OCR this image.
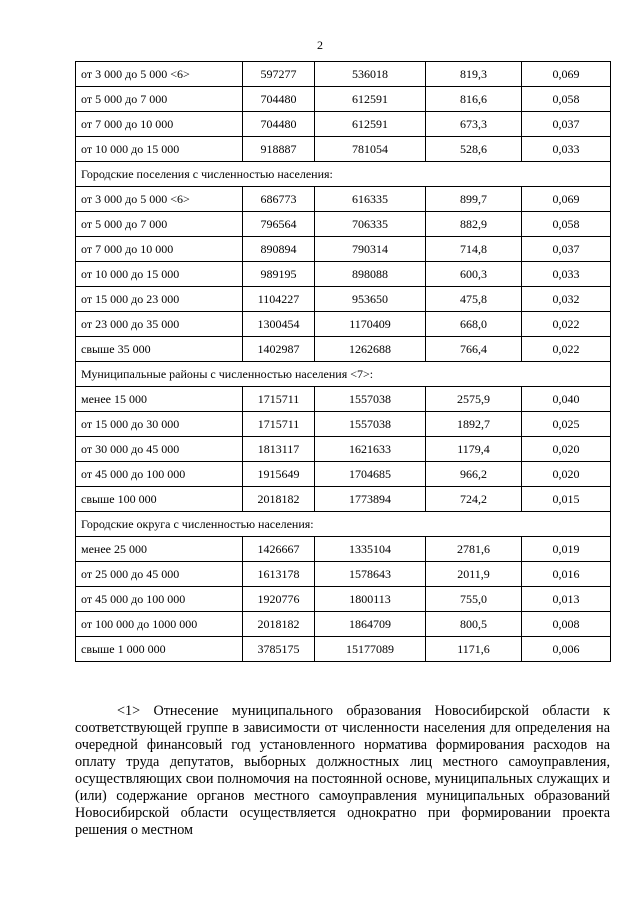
2
от 3 000 до 5 000 <6>	597277	536018	819,3	0,069
от 5 000 до 7 000	704480	612591	816,6	0,058
от 7 000 до 10 000	704480	612591	673,3	0,037
от 10 000 до 15 000	918887	781054	528,6	0,033
Городские поселения с численностью населения:				
от 3 000 до 5 000 <6>	686773	616335	899,7	0,069
от 5 000 до 7 000	796564	706335	882,9	0,058
от 7 000 до 10 000	890894	790314	714,8	0,037
от 10 000 до 15 000	989195	898088	600,3	0,033
от 15 000 до 23 000	1104227	953650	475,8	0,032
от 23 000 до 35 000	1300454	1170409	668,0	0,022
свыше 35 000	1402987	1262688	766,4	0,022
Муниципальные районы с численностью населения <7>:				
менее 15 000	1715711	1557038	2575,9	0,040
от 15 000 до 30 000	1715711	1557038	1892,7	0,025
от 30 000 до 45 000	1813117	1621633	1179,4	0,020
от 45 000 до 100 000	1915649	1704685	966,2	0,020
свыше 100 000	2018182	1773894	724,2	0,015
Городские округа с численностью населения:				
менее 25 000	1426667	1335104	2781,6	0,019
от 25 000 до 45 000	1613178	1578643	2011,9	0,016
от 45 000 до 100 000	1920776	1800113	755,0	0,013
от 100 000 до 1000 000	2018182	1864709	800,5	0,008
свыше 1 000 000	3785175	15177089	1171,6	0,006
<1> Отнесение муниципального образования Новосибирской области к соответствующей группе в зависимости от численности населения для определения на очередной финансовый год установленного норматива формирования расходов на оплату труда депутатов, выборных должностных лиц местного самоуправления, осуществляющих свои полномочия на постоянной основе, муниципальных служащих и (или) содержание органов местного самоуправления муниципальных образований Новосибирской области осуществляется однократно при формировании проекта решения о местном
